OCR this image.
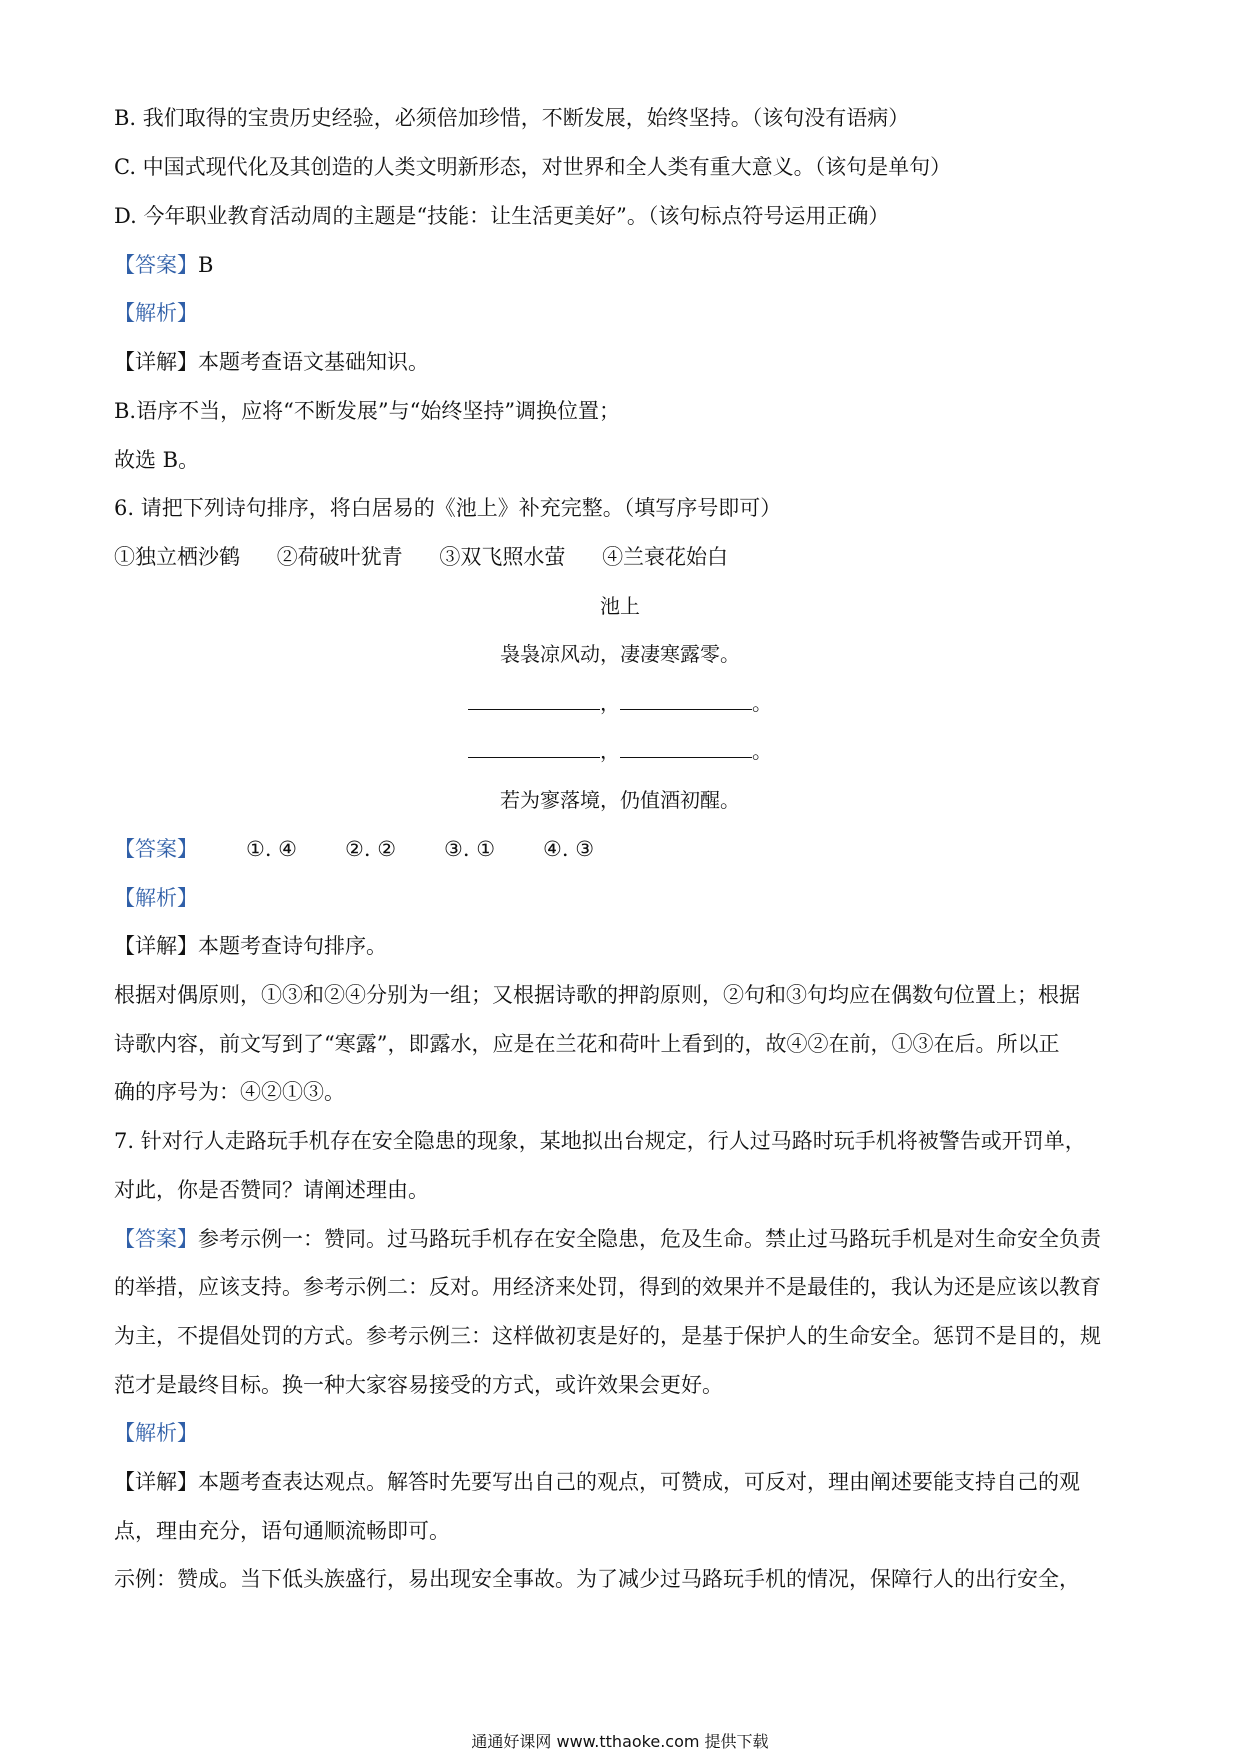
B. 我们取得的宝贵历史经验，必须倍加珍惜，不断发展，始终坚持。（该句没有语病）
C. 中国式现代化及其创造的人类文明新形态，对世界和全人类有重大意义。（该句是单句）
D. 今年职业教育活动周的主题是“技能：让生活更美好”。（该句标点符号运用正确）
【答案】B
【解析】
【详解】本题考查语文基础知识。
B.语序不当，应将“不断发展”与“始终坚持”调换位置；
故选 B。
6. 请把下列诗句排序，将白居易的《池上》补充完整。（填写序号即可）
①独立栖沙鹤 ②荷破叶犹青 ③双飞照水萤 ④兰衰花始白
池上
袅袅凉风动，凄凄寒露零。
，	。
，	。
若为寥落境，仍值酒初醒。
【答案】 ①. ④ ②. ② ③. ① ④. ③
【解析】
【详解】本题考查诗句排序。
根据对偶原则，①③和②④分别为一组；又根据诗歌的押韵原则，②句和③句均应在偶数句位置上；根据
诗歌内容，前文写到了“寒露”，即露水，应是在兰花和荷叶上看到的，故④②在前，①③在后。所以正
确的序号为：④②①③。
7. 针对行人走路玩手机存在安全隐患的现象，某地拟出台规定，行人过马路时玩手机将被警告或开罚单，
对此，你是否赞同？请阐述理由。
【答案】参考示例一：赞同。过马路玩手机存在安全隐患，危及生命。禁止过马路玩手机是对生命安全负责
的举措，应该支持。参考示例二：反对。用经济来处罚，得到的效果并不是最佳的，我认为还是应该以教育
为主，不提倡处罚的方式。参考示例三：这样做初衷是好的，是基于保护人的生命安全。惩罚不是目的，规
范才是最终目标。换一种大家容易接受的方式，或许效果会更好。
【解析】
【详解】本题考查表达观点。解答时先要写出自己的观点，可赞成，可反对，理由阐述要能支持自己的观
点，理由充分，语句通顺流畅即可。
示例：赞成。当下低头族盛行，易出现安全事故。为了减少过马路玩手机的情况，保障行人的出行安全，
通通好课网 www.tthaoke.com 提供下载
